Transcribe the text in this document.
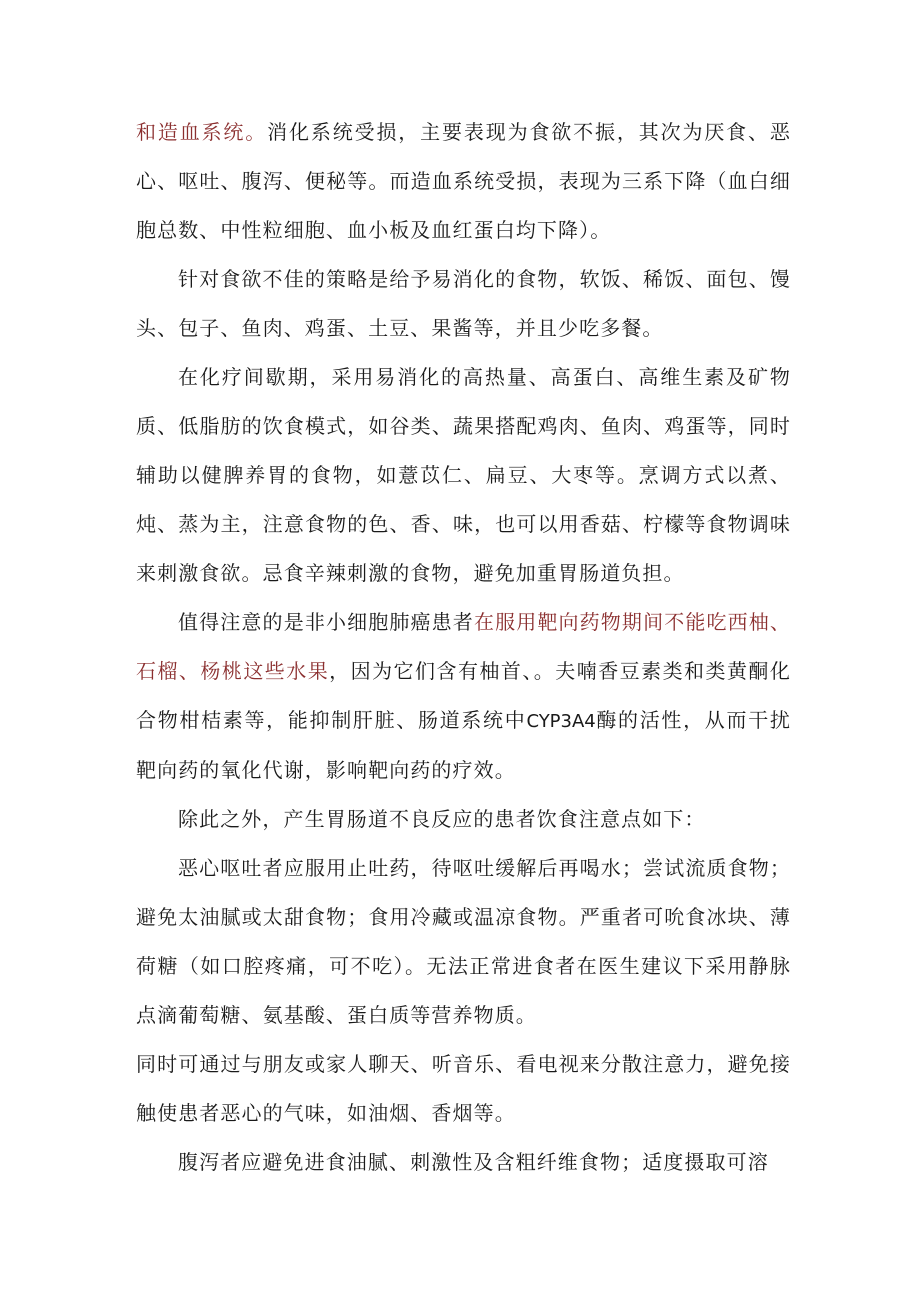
和造血系统。消化系统受损，主要表现为食欲不振，其次为厌食、恶心、呕吐、腹泻、便秘等。而造血系统受损，表现为三系下降（血白细胞总数、中性粒细胞、血小板及血红蛋白均下降）。

针对食欲不佳的策略是给予易消化的食物，软饭、稀饭、面包、馒头、包子、鱼肉、鸡蛋、土豆、果酱等，并且少吃多餐。

在化疗间歇期，采用易消化的高热量、高蛋白、高维生素及矿物质、低脂肪的饮食模式，如谷类、蔬果搭配鸡肉、鱼肉、鸡蛋等，同时辅助以健脾养胃的食物，如薏苡仁、扁豆、大枣等。烹调方式以煮、炖、蒸为主，注意食物的色、香、味，也可以用香菇、柠檬等食物调味来刺激食欲。忌食辛辣刺激的食物，避免加重胃肠道负担。

值得注意的是非小细胞肺癌患者在服用靶向药物期间不能吃西柚、石榴、杨桃这些水果，因为它们含有柚首、。夫喃香豆素类和类黄酮化合物柑桔素等，能抑制肝脏、肠道系统中CYP3A4酶的活性，从而干扰靶向药的氧化代谢，影响靶向药的疗效。

除此之外，产生胃肠道不良反应的患者饮食注意点如下：

恶心呕吐者应服用止吐药，待呕吐缓解后再喝水；尝试流质食物；避免太油腻或太甜食物；食用冷藏或温凉食物。严重者可吮食冰块、薄荷糖（如口腔疼痛，可不吃）。无法正常进食者在医生建议下采用静脉点滴葡萄糖、氨基酸、蛋白质等营养物质。

同时可通过与朋友或家人聊天、听音乐、看电视来分散注意力，避免接触使患者恶心的气味，如油烟、香烟等。

腹泻者应避免进食油腻、刺激性及含粗纤维食物；适度摄取可溶
